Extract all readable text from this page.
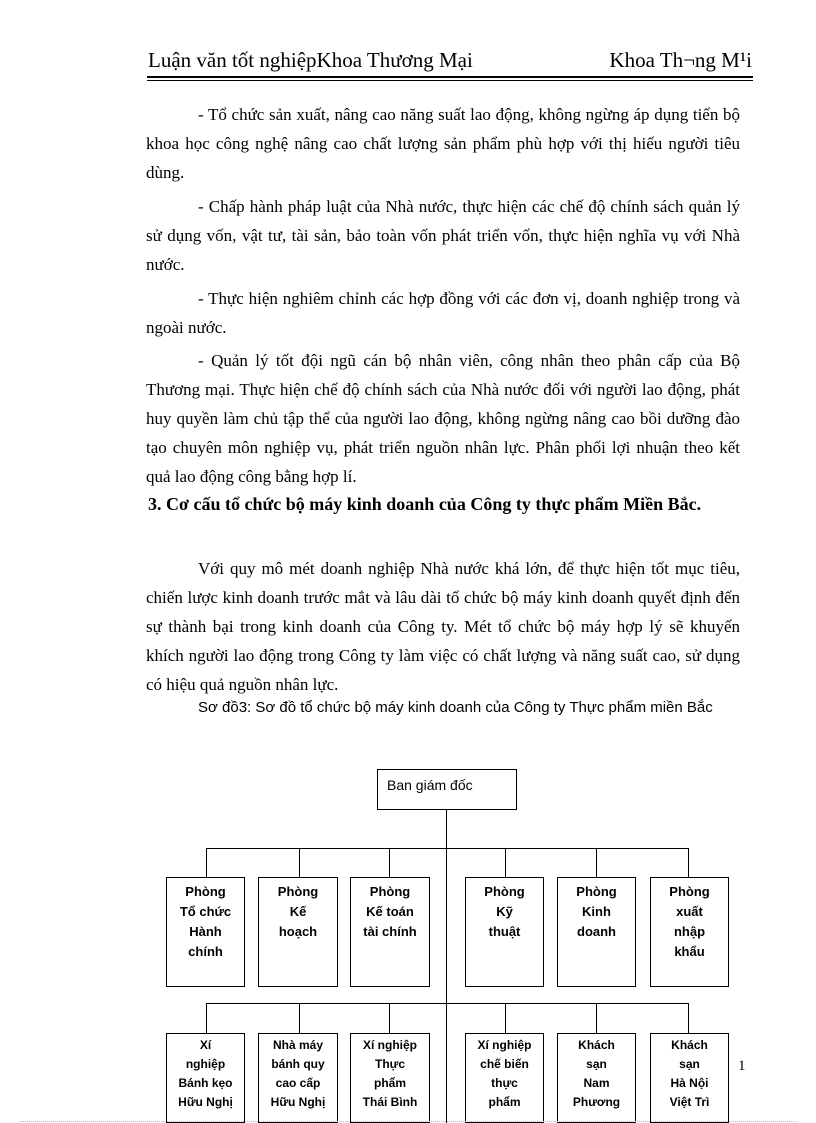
Luận văn tốt nghiệpKhoa Thương Mại	Khoa Th¬ng M¹i

- Tổ chức sản xuất, nâng cao năng suất lao động, không ngừng áp dụng tiến bộ khoa học công nghệ nâng cao chất lượng sản phẩm phù hợp với thị hiếu người tiêu dùng.

- Chấp hành pháp luật của Nhà nước, thực hiện các chế độ chính sách quản lý sử dụng vốn, vật tư, tài sản, bảo toàn vốn phát triển vốn, thực hiện nghĩa vụ với Nhà nước.

- Thực hiện nghiêm chỉnh các hợp đồng với các đơn vị, doanh nghiệp trong và ngoài nước.

- Quản lý tốt đội ngũ cán bộ nhân viên, công nhân theo phân cấp của Bộ Thương mại. Thực hiện chế độ chính sách của Nhà nước đối với người lao động, phát huy quyền làm chủ tập thể của người lao động, không ngừng nâng cao bồi dưỡng đào tạo chuyên môn nghiệp vụ, phát triển nguồn nhân lực. Phân phối lợi nhuận theo kết quả lao động công bằng hợp lí.

3. Cơ cấu tổ chức bộ máy kinh doanh của Công ty thực phẩm Miền Bắc.

Với quy mô mét doanh nghiệp Nhà nước khá lớn, để thực hiện tốt mục tiêu, chiến lược kinh doanh trước mắt và lâu dài tổ chức bộ máy kinh doanh quyết định đến sự thành bại trong kinh doanh của Công ty. Mét tổ chức bộ máy hợp lý sẽ khuyến khích người lao động trong Công ty làm việc có chất lượng và năng suất cao, sử dụng có hiệu quả nguồn nhân lực.

Sơ đồ3: Sơ đồ tổ chức bộ máy kinh doanh của Công ty Thực phẩm miền Bắc

Ban giám đốc
Phòng
Tổ chức
Hành
chính
Phòng
Kế
hoạch
Phòng
Kế toán
tài chính
Phòng
Kỹ
thuật
Phòng
Kinh
doanh
Phòng
xuất
nhập
khẩu
Xí
nghiệp
Bánh kẹo
Hữu Nghị
Nhà máy
bánh quy
cao cấp
Hữu Nghị
Xí nghiệp
Thực
phẩm
Thái Bình
Xí nghiệp
chế biến
thực
phẩm
Khách
sạn
Nam
Phương
Khách
sạn
Hà Nội
Việt Trì
1
